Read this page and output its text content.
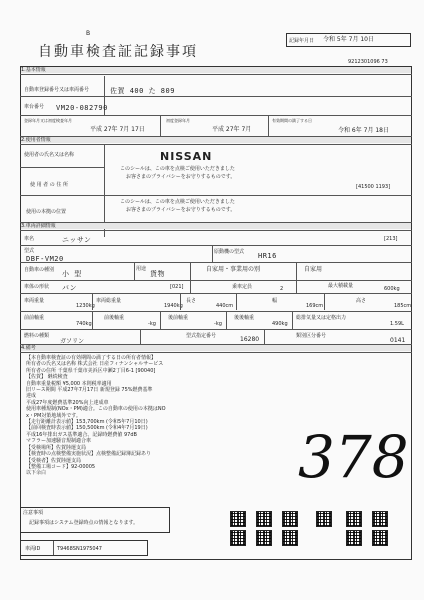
B
自動車検査証記録事項
記録年月日 令和 5年 7月 10日
9212301096 73
1.基本情報
自動車登録番号又は車両番号	佐賀 400 た 809
車台番号 VM20-082790
登録年月又は初度検査年月
平成 27年 7月 17日
初度登録年月
平成 27年 7月
有効期間の満了する日
令和 6年 7月 18日
2.使用者情報
使用者の氏名又は名称	NISSAN
このシールは、この車を点検ご使用いただきました
お客さまのプライバシーをお守りするものです。
使 用 者 の 住 所	[41500 1193]
このシールは、この車を点検ご使用いただきました
お客さまのプライバシーをお守りするものです。
使用の本拠の位置
3.車両詳細情報
車名	ニッサン	[213]
型式
DBF-VM20
原動機の型式 HR16
自動車の種別 小 型
用途
貨物
自家用・事業用の別	自家用
車体の形状 バン	[021]	乗車定員	2	最大積載量	600kg
車両重量
1230kg
車両総重量
1940kg
長さ
440cm
幅
169cm
高さ
185cm
前前軸重
740kg
前後軸重
-kg
後前軸重
-kg
後後軸重
490kg
総排気量又は定格出力
1.59L
燃料の種類
ガソリン
型式指定番号	16280	類別区分番号
0141
4.備考
【本自動車検査証の有効期間の満了する日の所有者情報】
所有者の氏名又は名称 株式会社 日産フィナンシャルサービス
所有者の住所 千葉県千葉市美浜区中瀬2丁目6-1 [90040]
【佐賀】 継続検査
自動車重量税額 ¥5,000 本則税率適用
旧リース期間 平成27年7月17日 新規登録 75%燃費基準
達成
平成27年度燃費基準20%向上達成車
使用車種規制(NOx・PM)適合。この自動車の使用の本拠はNO
x・PM対策地域外です。
【走行距離計表示値】153,700km (令和5年7月10日)
【前回検査時表示値】150,500km (令和4年7月19日)
平成16年排出ガス基準適合、記録時燃費値 97dB
マフラー加速騒音規制適合車
【受検場所】佐賀陸運支局
【検査時の点検整備実施状況】点検整備記録簿記録あり
【受検者】佐賀陸運支局
【整備工場コード】92-00005
以下余白	378
注意事項
記録事項はシステム登録時点の情報となります。
車両ID	T9468SN1975047
